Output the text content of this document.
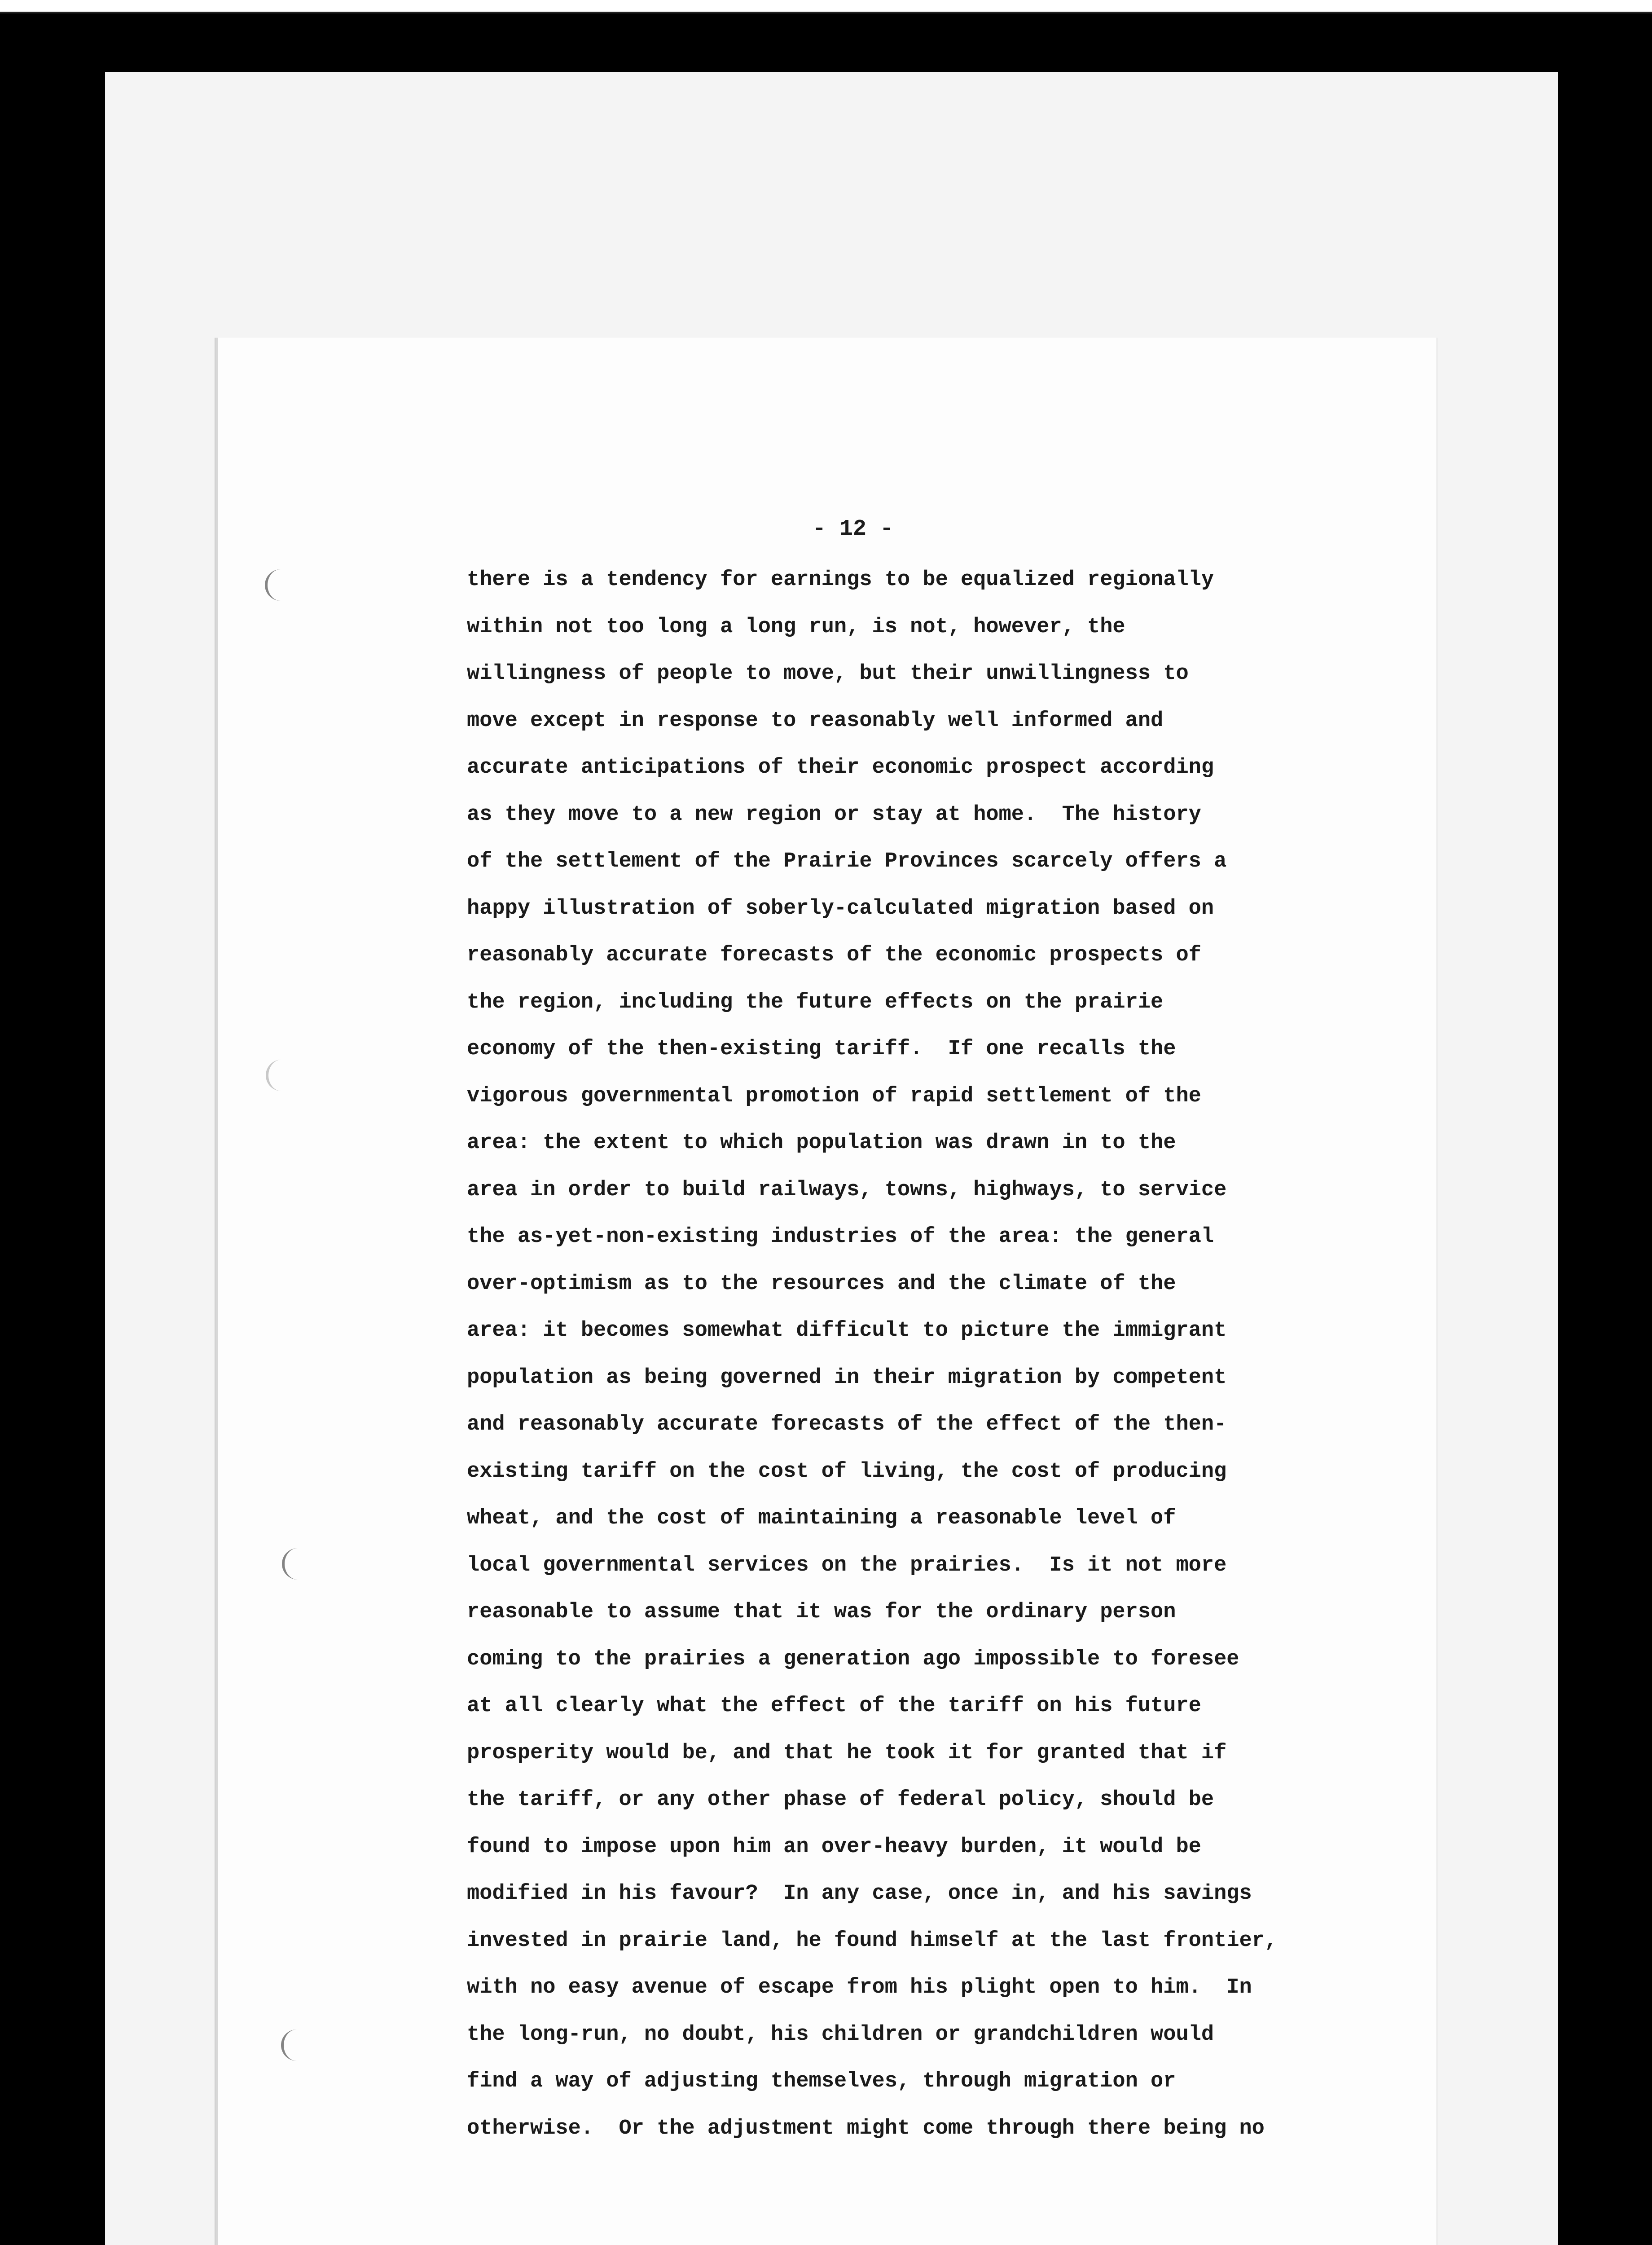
- 12 -
there is a tendency for earnings to be equalized regionally
within not too long a long run, is not, however, the
willingness of people to move, but their unwillingness to
move except in response to reasonably well informed and
accurate anticipations of their economic prospect according
as they move to a new region or stay at home.  The history
of the settlement of the Prairie Provinces scarcely offers a
happy illustration of soberly-calculated migration based on
reasonably accurate forecasts of the economic prospects of
the region, including the future effects on the prairie
economy of the then-existing tariff.  If one recalls the
vigorous governmental promotion of rapid settlement of the
area: the extent to which population was drawn in to the
area in order to build railways, towns, highways, to service
the as-yet-non-existing industries of the area: the general
over-optimism as to the resources and the climate of the
area: it becomes somewhat difficult to picture the immigrant
population as being governed in their migration by competent
and reasonably accurate forecasts of the effect of the then-
existing tariff on the cost of living, the cost of producing
wheat, and the cost of maintaining a reasonable level of
local governmental services on the prairies.  Is it not more
reasonable to assume that it was for the ordinary person
coming to the prairies a generation ago impossible to foresee
at all clearly what the effect of the tariff on his future
prosperity would be, and that he took it for granted that if
the tariff, or any other phase of federal policy, should be
found to impose upon him an over-heavy burden, it would be
modified in his favour?  In any case, once in, and his savings
invested in prairie land, he found himself at the last frontier,
with no easy avenue of escape from his plight open to him.  In
the long-run, no doubt, his children or grandchildren would
find a way of adjusting themselves, through migration or
otherwise.  Or the adjustment might come through there being no
